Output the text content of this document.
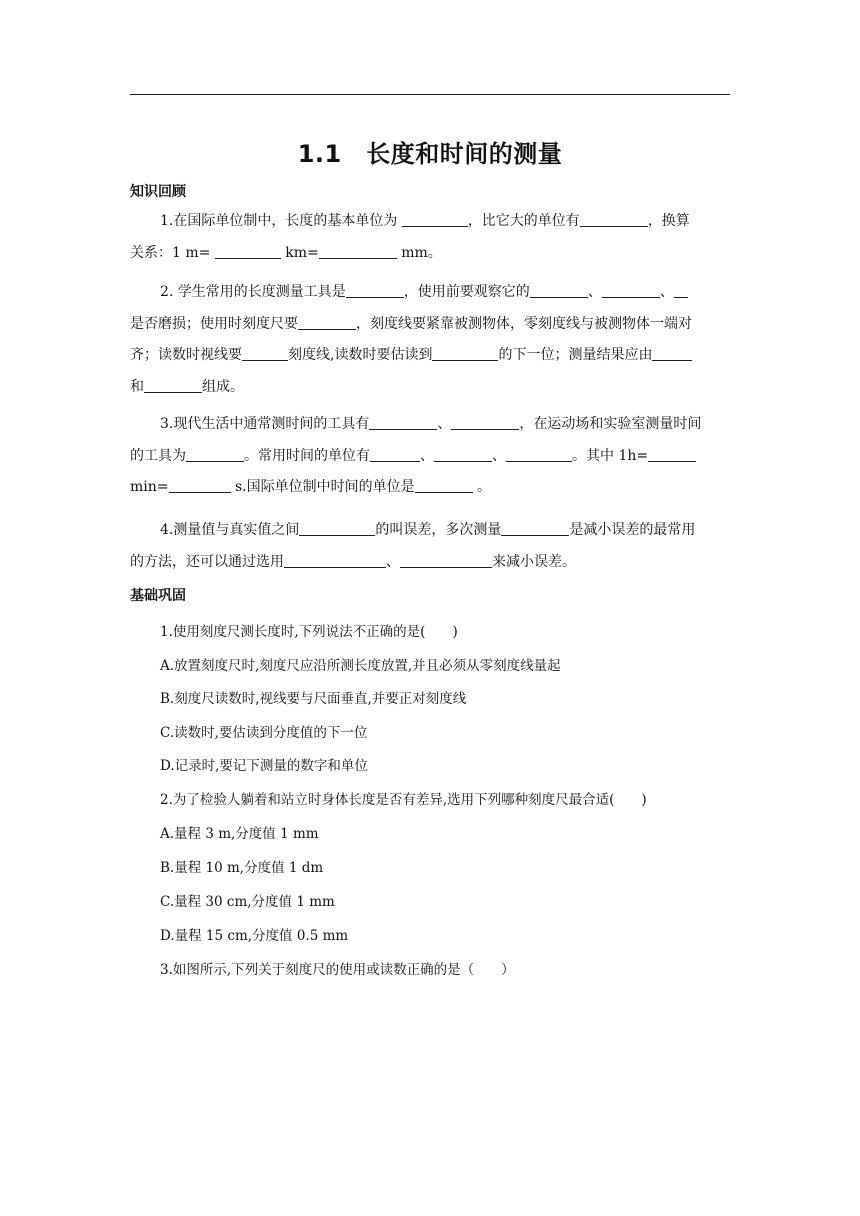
1.1　长度和时间的测量
知识回顾
1.在国际单位制中，长度的基本单位为	，比它大的单位有	，换算
关系：1 m=	km=	mm。
2. 学生常用的长度测量工具是	，使用前要观察它的	、	、
是否磨损；使用时刻度尺要	，刻度线要紧靠被测物体，零刻度线与被测物体一端对
齐；读数时视线要	刻度线,读数时要估读到	的下一位；测量结果应由
和	组成。
3.现代生活中通常测时间的工具有	、	，在运动场和实验室测量时间
的工具为	。常用时间的单位有	、	、	。其中 1h=
min=	s.国际单位制中时间的单位是	。
4.测量值与真实值之间	的叫误差，多次测量	是减小误差的最常用
的方法，还可以通过选用	、	来减小误差。
基础巩固
1.使用刻度尺测长度时,下列说法不正确的是(　　)
A.放置刻度尺时,刻度尺应沿所测长度放置,并且必须从零刻度线量起
B.刻度尺读数时,视线要与尺面垂直,并要正对刻度线
C.读数时,要估读到分度值的下一位
D.记录时,要记下测量的数字和单位
2.为了检验人躺着和站立时身体长度是否有差异,选用下列哪种刻度尺最合适(　　)
A.量程 3 m,分度值 1 mm
B.量程 10 m,分度值 1 dm
C.量程 30 cm,分度值 1 mm
D.量程 15 cm,分度值 0.5 mm
3.如图所示,下列关于刻度尺的使用或读数正确的是（　　）
